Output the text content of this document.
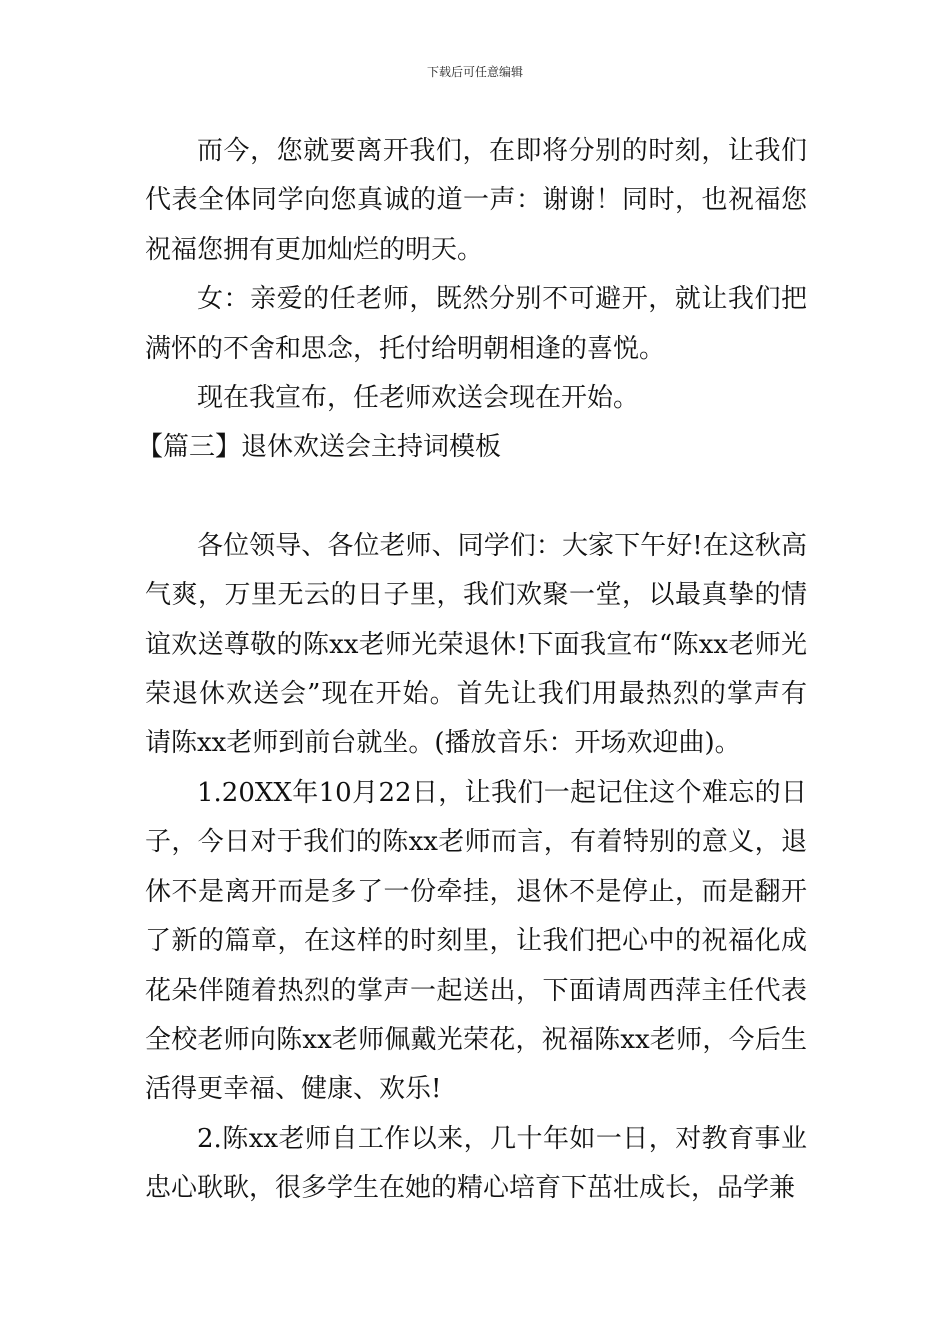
下载后可任意编辑

而今，您就要离开我们，在即将分别的时刻，让我们代表全体同学向您真诚的道一声：谢谢！同时，也祝福您祝福您拥有更加灿烂的明天。

女：亲爱的任老师，既然分别不可避开，就让我们把满怀的不舍和思念，托付给明朝相逢的喜悦。

现在我宣布，任老师欢送会现在开始。

【篇三】退休欢送会主持词模板

各位领导、各位老师、同学们：大家下午好!在这秋高气爽，万里无云的日子里，我们欢聚一堂，以最真挚的情谊欢送尊敬的陈xx老师光荣退休!下面我宣布“陈xx老师光荣退休欢送会”现在开始。首先让我们用最热烈的掌声有请陈xx老师到前台就坐。(播放音乐：开场欢迎曲)。

1.20XX年10月22日，让我们一起记住这个难忘的日子，今日对于我们的陈xx老师而言，有着特别的意义，退休不是离开而是多了一份牵挂，退休不是停止，而是翻开了新的篇章，在这样的时刻里，让我们把心中的祝福化成花朵伴随着热烈的掌声一起送出，下面请周西萍主任代表全校老师向陈xx老师佩戴光荣花，祝福陈xx老师，今后生活得更幸福、健康、欢乐!

2.陈xx老师自工作以来，几十年如一日，对教育事业忠心耿耿，很多学生在她的精心培育下茁壮成长，品学兼
